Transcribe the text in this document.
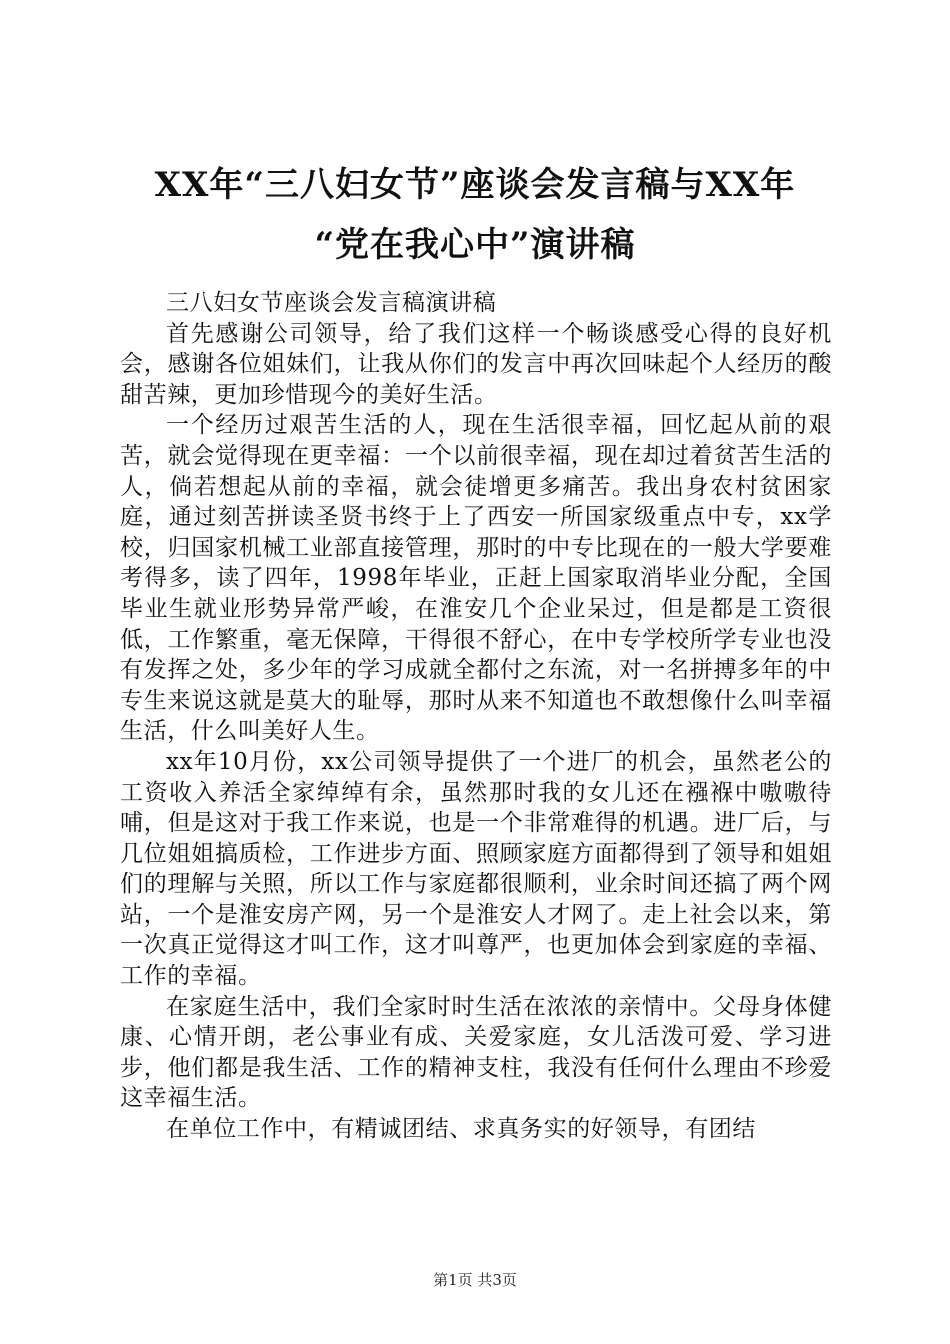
XX年“三八妇女节”座谈会发言稿与XX年
“党在我心中”演讲稿

三八妇女节座谈会发言稿演讲稿

首先感谢公司领导，给了我们这样一个畅谈感受心得的良好机会，感谢各位姐妹们，让我从你们的发言中再次回味起个人经历的酸甜苦辣，更加珍惜现今的美好生活。

一个经历过艰苦生活的人，现在生活很幸福，回忆起从前的艰苦，就会觉得现在更幸福：一个以前很幸福，现在却过着贫苦生活的人，倘若想起从前的幸福，就会徒增更多痛苦。我出身农村贫困家庭，通过刻苦拼读圣贤书终于上了西安一所国家级重点中专，xx学校，归国家机械工业部直接管理，那时的中专比现在的一般大学要难考得多，读了四年，1998年毕业，正赶上国家取消毕业分配，全国毕业生就业形势异常严峻，在淮安几个企业呆过，但是都是工资很低，工作繁重，毫无保障，干得很不舒心，在中专学校所学专业也没有发挥之处，多少年的学习成就全都付之东流，对一名拼搏多年的中专生来说这就是莫大的耻辱，那时从来不知道也不敢想像什么叫幸福生活，什么叫美好人生。

xx年10月份，xx公司领导提供了一个进厂的机会，虽然老公的工资收入养活全家绰绰有余，虽然那时我的女儿还在襁褓中嗷嗷待哺，但是这对于我工作来说，也是一个非常难得的机遇。进厂后，与几位姐姐搞质检，工作进步方面、照顾家庭方面都得到了领导和姐姐们的理解与关照，所以工作与家庭都很顺利，业余时间还搞了两个网站，一个是淮安房产网，另一个是淮安人才网了。走上社会以来，第一次真正觉得这才叫工作，这才叫尊严，也更加体会到家庭的幸福、工作的幸福。

在家庭生活中，我们全家时时生活在浓浓的亲情中。父母身体健康、心情开朗，老公事业有成、关爱家庭，女儿活泼可爱、学习进步，他们都是我生活、工作的精神支柱，我没有任何什么理由不珍爱这幸福生活。

在单位工作中，有精诚团结、求真务实的好领导，有团结

第1页 共3页
